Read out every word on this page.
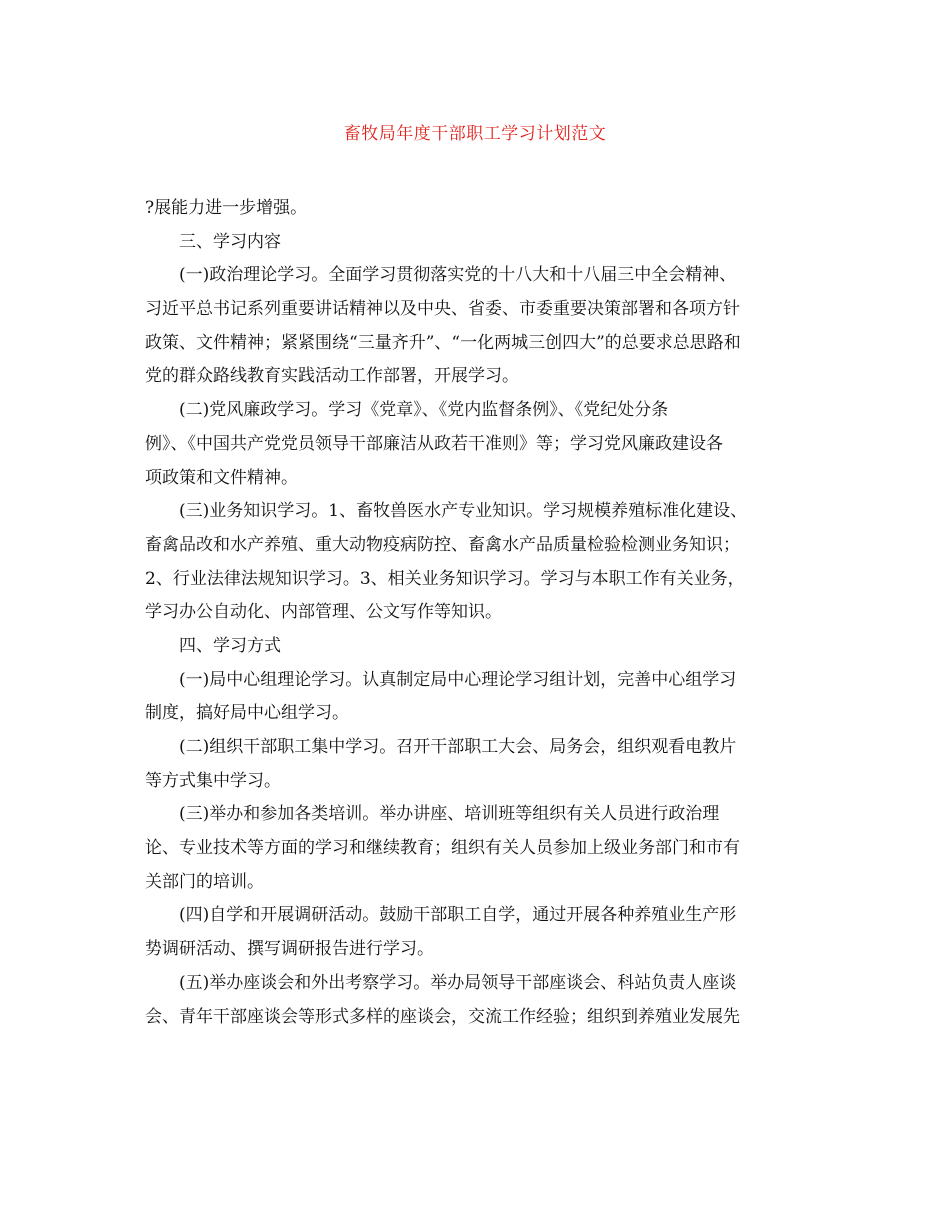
畜牧局年度干部职工学习计划范文
?展能力进一步增强。
三、学习内容
(一)政治理论学习。全面学习贯彻落实党的十八大和十八届三中全会精神、
习近平总书记系列重要讲话精神以及中央、省委、市委重要决策部署和各项方针
政策、文件精神；紧紧围绕“三量齐升”、“一化两城三创四大”的总要求总思路和
党的群众路线教育实践活动工作部署，开展学习。
(二)党风廉政学习。学习《党章》、《党内监督条例》、《党纪处分条
例》、《中国共产党党员领导干部廉洁从政若干准则》等；学习党风廉政建设各
项政策和文件精神。
(三)业务知识学习。1、畜牧兽医水产专业知识。学习规模养殖标准化建设、
畜禽品改和水产养殖、重大动物疫病防控、畜禽水产品质量检验检测业务知识；
2、行业法律法规知识学习。3、相关业务知识学习。学习与本职工作有关业务，
学习办公自动化、内部管理、公文写作等知识。
四、学习方式
(一)局中心组理论学习。认真制定局中心理论学习组计划，完善中心组学习
制度，搞好局中心组学习。
(二)组织干部职工集中学习。召开干部职工大会、局务会，组织观看电教片
等方式集中学习。
(三)举办和参加各类培训。举办讲座、培训班等组织有关人员进行政治理
论、专业技术等方面的学习和继续教育；组织有关人员参加上级业务部门和市有
关部门的培训。
(四)自学和开展调研活动。鼓励干部职工自学，通过开展各种养殖业生产形
势调研活动、撰写调研报告进行学习。
(五)举办座谈会和外出考察学习。举办局领导干部座谈会、科站负责人座谈
会、青年干部座谈会等形式多样的座谈会，交流工作经验；组织到养殖业发展先
